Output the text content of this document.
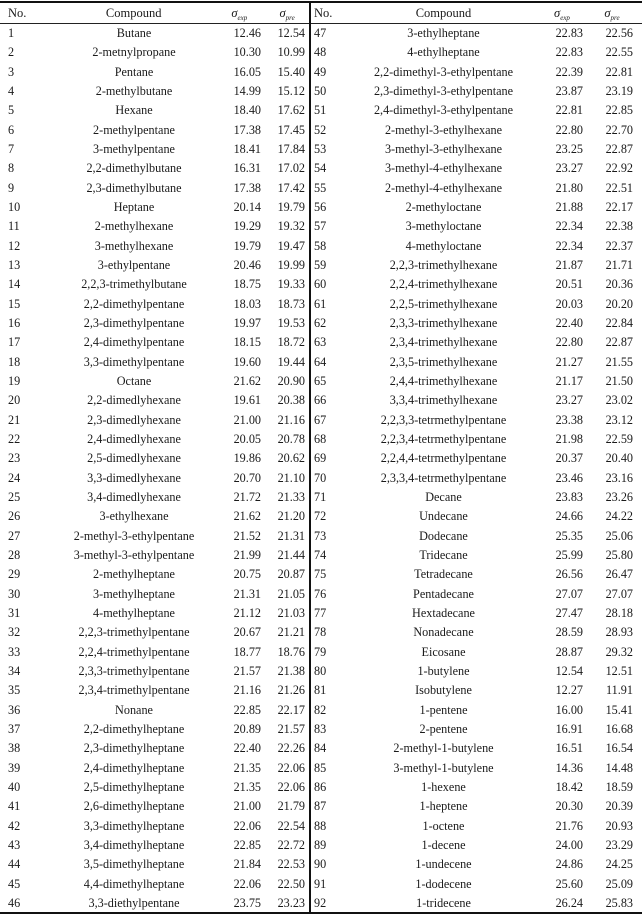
No.	Compound	$\sigma_{exp}$	$\sigma_{pre}$
1	Butane	12.46	12.54
2	2-metnylpropane	10.30	10.99
3	Pentane	16.05	15.40
4	2-methylbutane	14.99	15.12
5	Hexane	18.40	17.62
6	2-methylpentane	17.38	17.45
7	3-methylpentane	18.41	17.84
8	2,2-dimethylbutane	16.31	17.02
9	2,3-dimethylbutane	17.38	17.42
10	Heptane	20.14	19.79
11	2-methylhexane	19.29	19.32
12	3-methylhexane	19.79	19.47
13	3-ethylpentane	20.46	19.99
14	2,2,3-trimethylbutane	18.75	19.33
15	2,2-dimethylpentane	18.03	18.73
16	2,3-dimethylpentane	19.97	19.53
17	2,4-dimethylpentane	18.15	18.72
18	3,3-dimethylpentane	19.60	19.44
19	Octane	21.62	20.90
20	2,2-dimedlyhexane	19.61	20.38
21	2,3-dimedlyhexane	21.00	21.16
22	2,4-dimedlyhexane	20.05	20.78
23	2,5-dimedlyhexane	19.86	20.62
24	3,3-dimedlyhexane	20.70	21.10
25	3,4-dimedlyhexane	21.72	21.33
26	3-ethylhexane	21.62	21.20
27	2-methyl-3-ethylpentane	21.52	21.31
28	3-methyl-3-ethylpentane	21.99	21.44
29	2-methylheptane	20.75	20.87
30	3-methylheptane	21.31	21.05
31	4-methylheptane	21.12	21.03
32	2,2,3-trimethylpentane	20.67	21.21
33	2,2,4-trimethylpentane	18.77	18.76
34	2,3,3-trimethylpentane	21.57	21.38
35	2,3,4-trimethylpentane	21.16	21.26
36	Nonane	22.85	22.17
37	2,2-dimethylheptane	20.89	21.57
38	2,3-dimethylheptane	22.40	22.26
39	2,4-dimethylheptane	21.35	22.06
40	2,5-dimethylheptane	21.35	22.06
41	2,6-dimethylheptane	21.00	21.79
42	3,3-dimethylheptane	22.06	22.54
43	3,4-dimethylheptane	22.85	22.72
44	3,5-dimethylheptane	21.84	22.53
45	4,4-dimethylheptane	22.06	22.50
46	3,3-diethylpentane	23.75	23.23
No.	Compound	$\sigma_{exp}$	$\sigma_{pre}$
47	3-ethylheptane	22.83	22.56
48	4-ethylheptane	22.83	22.55
49	2,2-dimethyl-3-ethylpentane	22.39	22.81
50	2,3-dimethyl-3-ethylpentane	23.87	23.19
51	2,4-dimethyl-3-ethylpentane	22.81	22.85
52	2-methyl-3-ethylhexane	22.80	22.70
53	3-methyl-3-ethylhexane	23.25	22.87
54	3-methyl-4-ethylhexane	23.27	22.92
55	2-methyl-4-ethylhexane	21.80	22.51
56	2-methyloctane	21.88	22.17
57	3-methyloctane	22.34	22.38
58	4-methyloctane	22.34	22.37
59	2,2,3-trimethylhexane	21.87	21.71
60	2,2,4-trimethylhexane	20.51	20.36
61	2,2,5-trimethylhexane	20.03	20.20
62	2,3,3-trimethylhexane	22.40	22.84
63	2,3,4-trimethylhexane	22.80	22.87
64	2,3,5-trimethylhexane	21.27	21.55
65	2,4,4-trimethylhexane	21.17	21.50
66	3,3,4-trimethylhexane	23.27	23.02
67	2,2,3,3-tetrmethylpentane	23.38	23.12
68	2,2,3,4-tetrmethylpentane	21.98	22.59
69	2,2,4,4-tetrmethylpentane	20.37	20.40
70	2,3,3,4-tetrmethylpentane	23.46	23.16
71	Decane	23.83	23.26
72	Undecane	24.66	24.22
73	Dodecane	25.35	25.06
74	Tridecane	25.99	25.80
75	Tetradecane	26.56	26.47
76	Pentadecane	27.07	27.07
77	Hextadecane	27.47	28.18
78	Nonadecane	28.59	28.93
79	Eicosane	28.87	29.32
80	1-butylene	12.54	12.51
81	Isobutylene	12.27	11.91
82	1-pentene	16.00	15.41
83	2-pentene	16.91	16.68
84	2-methyl-1-butylene	16.51	16.54
85	3-methyl-1-butylene	14.36	14.48
86	1-hexene	18.42	18.59
87	1-heptene	20.30	20.39
88	1-octene	21.76	20.93
89	1-decene	24.00	23.29
90	1-undecene	24.86	24.25
91	1-dodecene	25.60	25.09
92	1-tridecene	26.24	25.83
